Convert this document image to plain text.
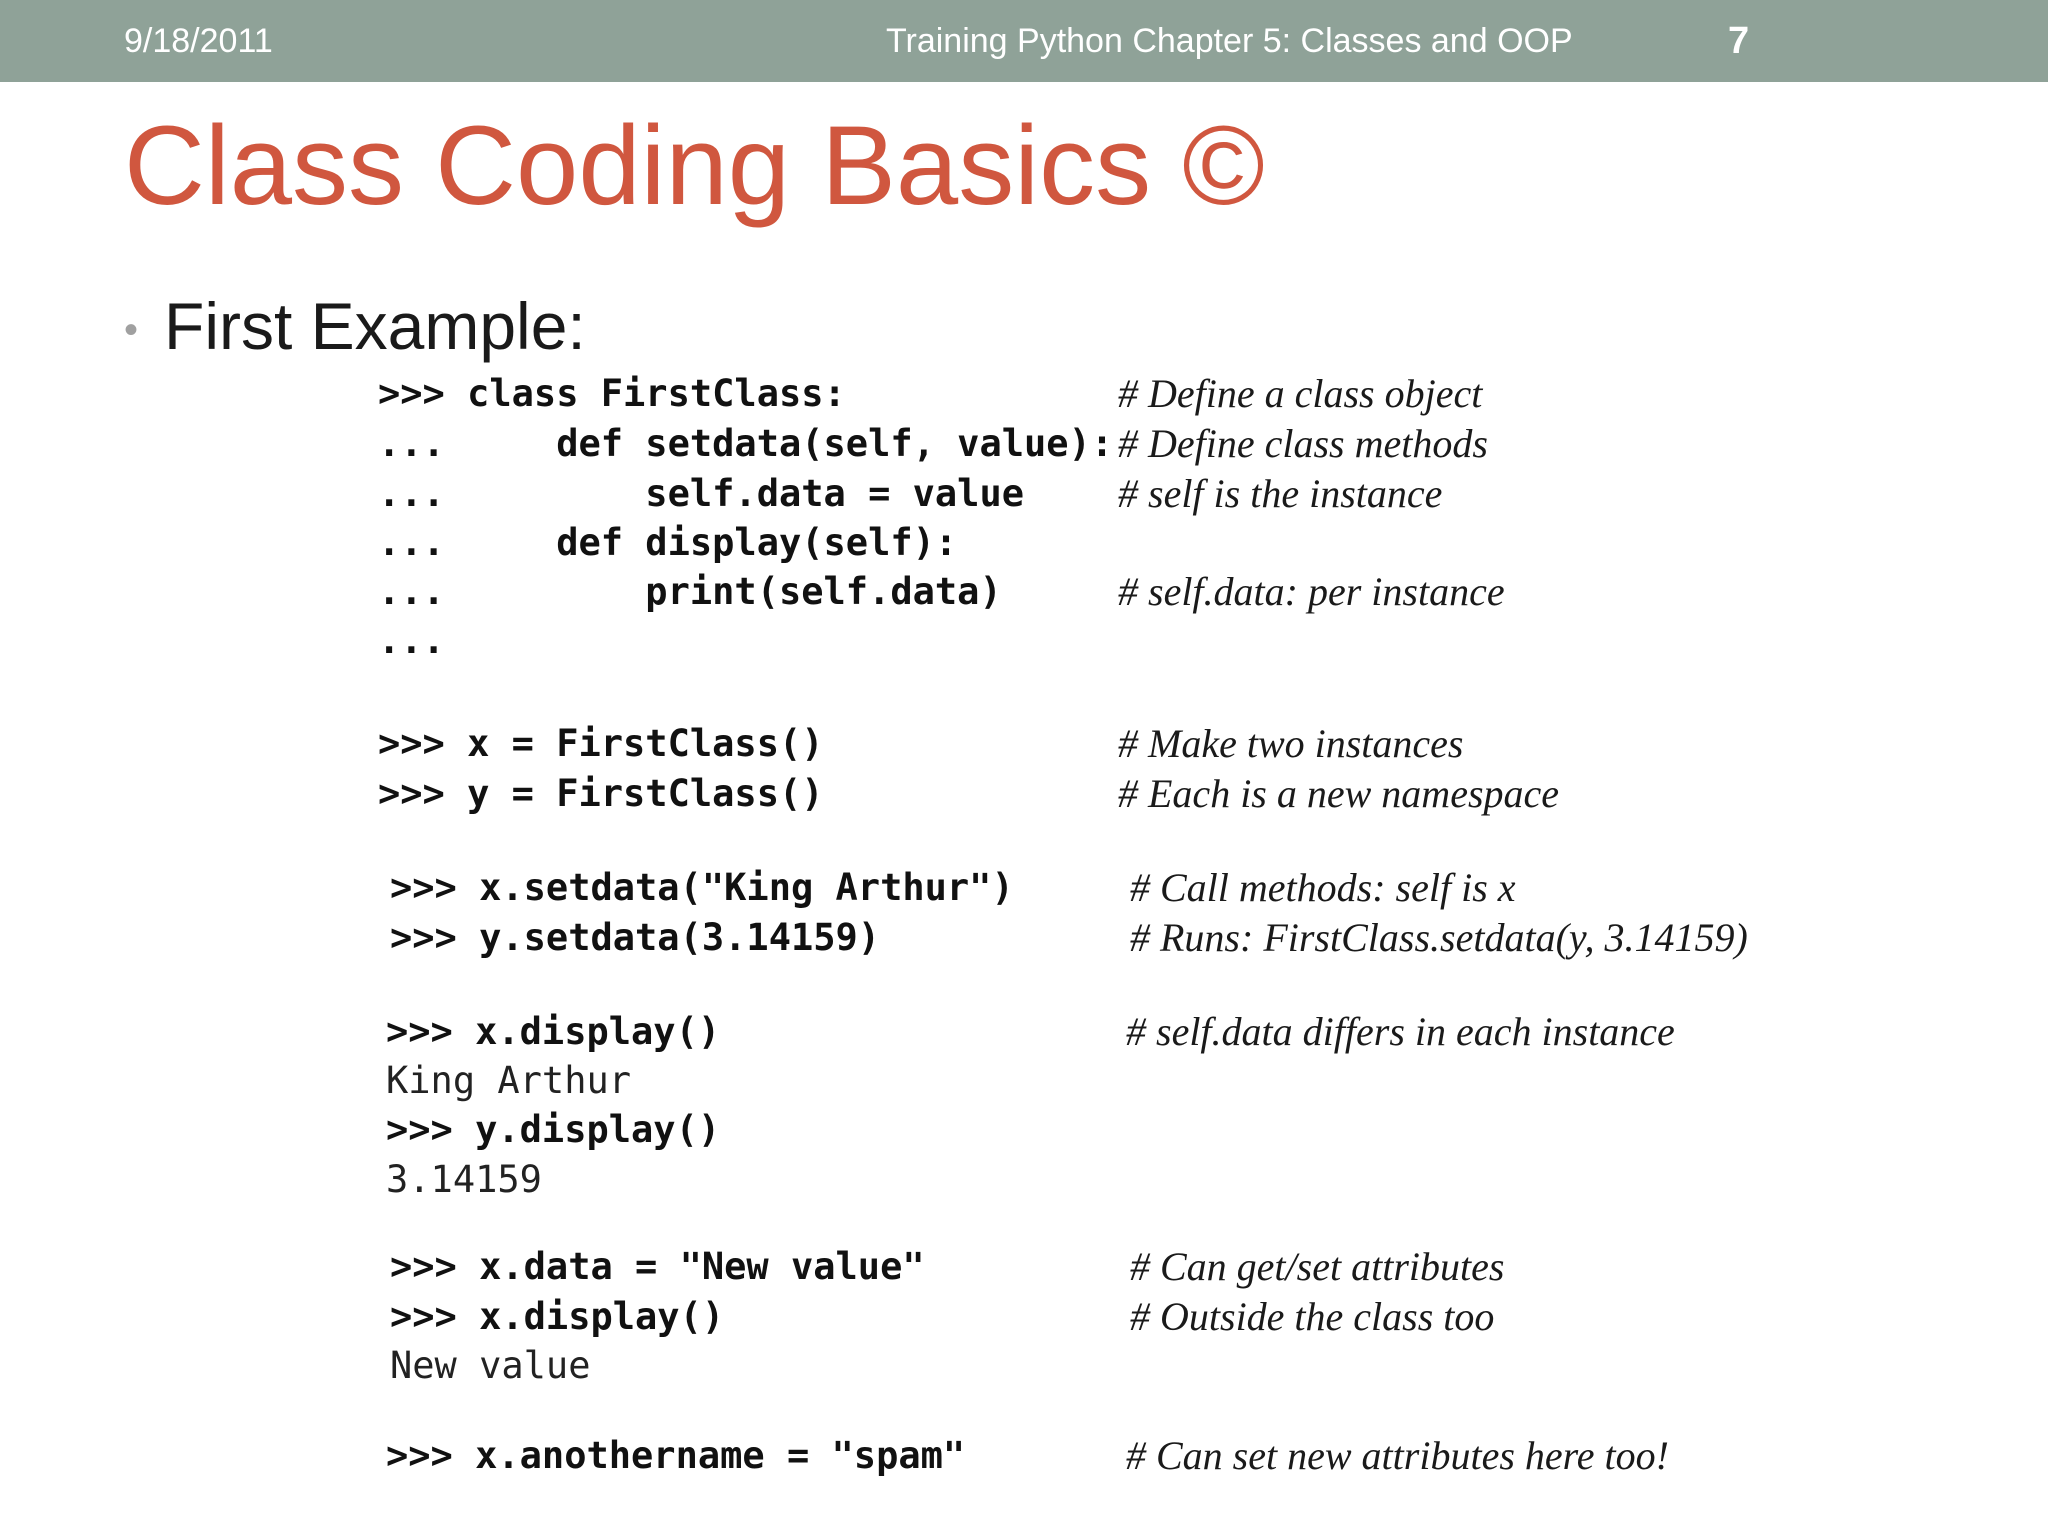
9/18/2011	Training Python Chapter 5: Classes and OOP	7
Class Coding Basics ©
• First Example:
>>> class FirstClass:
...     def setdata(self, value):
...         self.data = value
...     def display(self):
...         print(self.data)
...
>>> x = FirstClass()
>>> y = FirstClass()
>>> x.setdata("King Arthur")
>>> y.setdata(3.14159)
>>> x.display()
King Arthur
>>> y.display()
3.14159
>>> x.data = "New value"
>>> x.display()
New value
>>> x.anothername = "spam"
# Define a class object
# Define class methods
# self is the instance
# self.data: per instance
# Make two instances
# Each is a new namespace
# Call methods: self is x
# Runs: FirstClass.setdata(y, 3.14159)
# self.data differs in each instance
# Can get/set attributes
# Outside the class too
# Can set new attributes here too!
